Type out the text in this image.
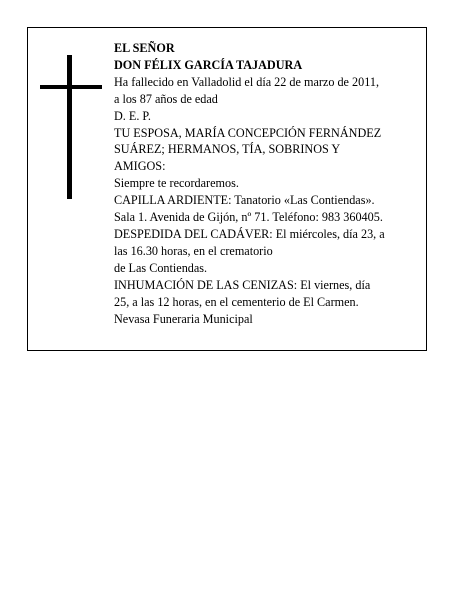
EL SEÑOR
DON FÉLIX GARCÍA TAJADURA
Ha fallecido en Valladolid el día 22 de marzo de 2011,
a los 87 años de edad
D. E. P.
TU ESPOSA, MARÍA CONCEPCIÓN FERNÁNDEZ
SUÁREZ; HERMANOS, TÍA, SOBRINOS Y
AMIGOS:
Siempre te recordaremos.
CAPILLA ARDIENTE: Tanatorio «Las Contiendas».
Sala 1. Avenida de Gijón, nº 71. Teléfono: 983 360405.
DESPEDIDA DEL CADÁVER: El miércoles, día 23, a
las 16.30 horas, en el crematorio
de Las Contiendas.
INHUMACIÓN DE LAS CENIZAS: El viernes, día
25, a las 12 horas, en el cementerio de El Carmen.
Nevasa Funeraria Municipal
